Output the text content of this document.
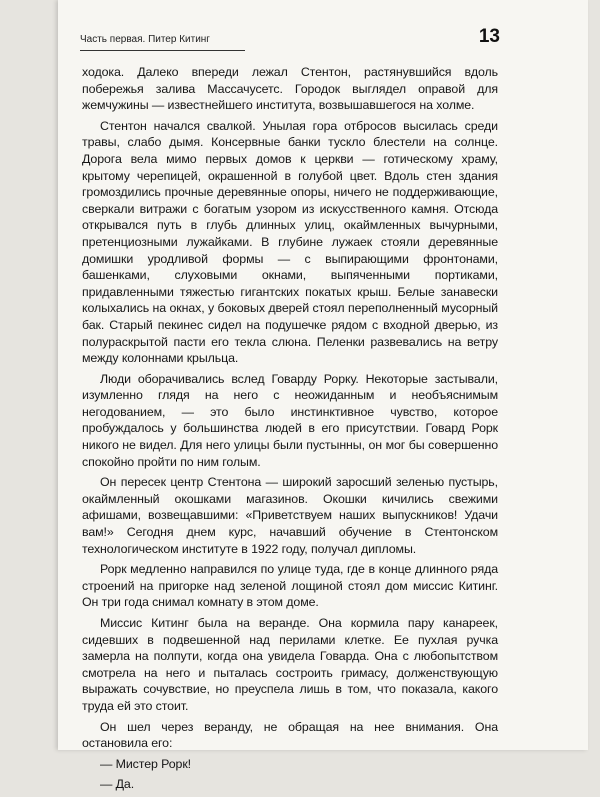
Часть первая. Питер Китинг	13

ходока. Далеко впереди лежал Стентон, растянувшийся вдоль побережья залива Массачусетс. Городок выглядел оправой для жемчужины — известнейшего института, возвышавшегося на холме.

Стентон начался свалкой. Унылая гора отбросов высилась среди травы, слабо дымя. Консервные банки тускло блестели на солнце. Дорога вела мимо первых домов к церкви — готическому храму, крытому черепицей, окрашенной в голубой цвет. Вдоль стен здания громоздились прочные деревянные опоры, ничего не поддерживающие, сверкали витражи с богатым узором из искусственного камня. Отсюда открывался путь в глубь длинных улиц, окаймленных вычурными, претенциозными лужайками. В глубине лужаек стояли деревянные домишки уродливой формы — с выпирающими фронтонами, башенками, слуховыми окнами, выпяченными портиками, придавленными тяжестью гигантских покатых крыш. Белые занавески колыхались на окнах, у боковых дверей стоял переполненный мусорный бак. Старый пекинес сидел на подушечке рядом с входной дверью, из полураскрытой пасти его текла слюна. Пеленки развевались на ветру между колоннами крыльца.

Люди оборачивались вслед Говарду Рорку. Некоторые застывали, изумленно глядя на него с неожиданным и необъяснимым негодованием, — это было инстинктивное чувство, которое пробуждалось у большинства людей в его присутствии. Говард Рорк никого не видел. Для него улицы были пустынны, он мог бы совершенно спокойно пройти по ним голым.

Он пересек центр Стентона — широкий заросший зеленью пустырь, окаймленный окошками магазинов. Окошки кичились свежими афишами, возвещавшими: «Приветствуем наших выпускников! Удачи вам!» Сегодня днем курс, начавший обучение в Стентонском технологическом институте в 1922 году, получал дипломы.

Рорк медленно направился по улице туда, где в конце длинного ряда строений на пригорке над зеленой лощиной стоял дом миссис Китинг. Он три года снимал комнату в этом доме.

Миссис Китинг была на веранде. Она кормила пару канареек, сидевших в подвешенной над перилами клетке. Ее пухлая ручка замерла на полпути, когда она увидела Говарда. Она с любопытством смотрела на него и пыталась состроить гримасу, долженствующую выражать сочувствие, но преуспела лишь в том, что показала, какого труда ей это стоит.

Он шел через веранду, не обращая на нее внимания. Она остановила его:

— Мистер Рорк!

— Да.
